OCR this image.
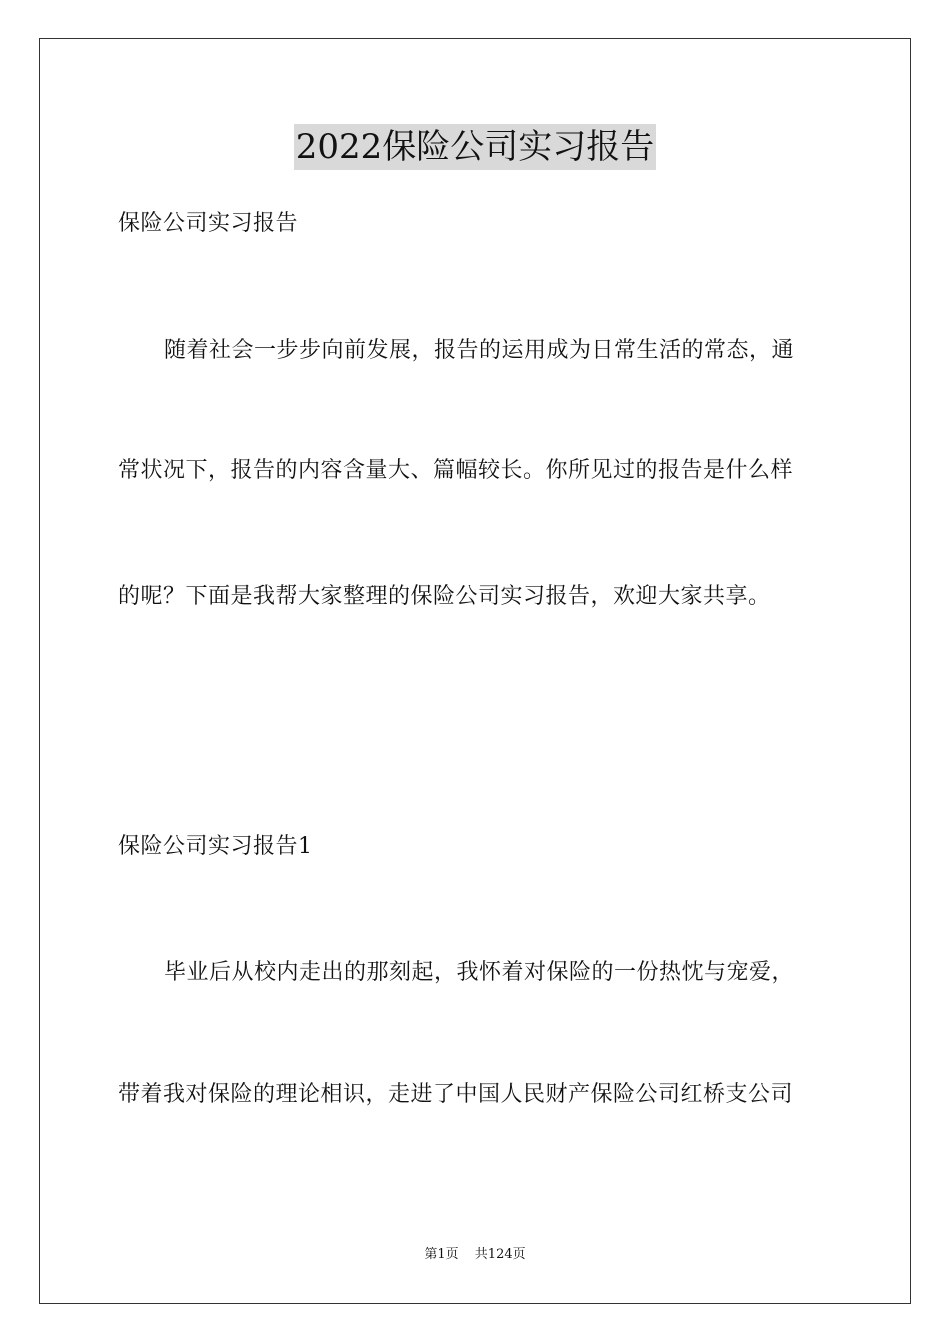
2022保险公司实习报告
保险公司实习报告
随着社会一步步向前发展，报告的运用成为日常生活的常态，通
常状况下，报告的内容含量大、篇幅较长。你所见过的报告是什么样
的呢？下面是我帮大家整理的保险公司实习报告，欢迎大家共享。
保险公司实习报告1
毕业后从校内走出的那刻起，我怀着对保险的一份热忱与宠爱，
带着我对保险的理论相识，走进了中国人民财产保险公司红桥支公司
第1页 共124页
